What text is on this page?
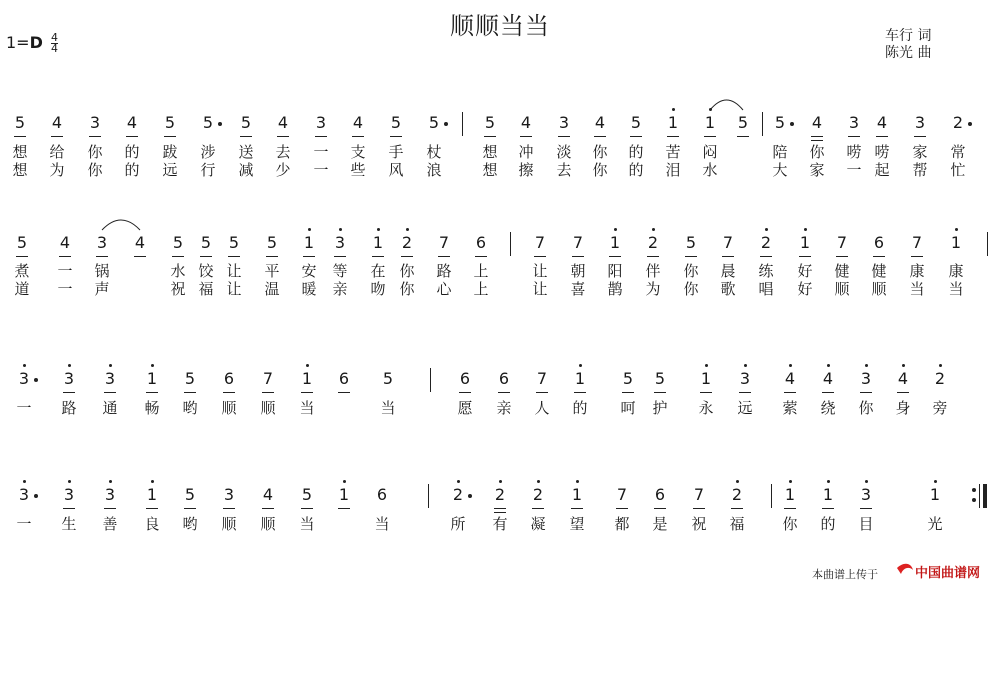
顺顺当当
$1=D \frac{4}{4}$	车行 词
陈光 曲
5	4	3	4	5	5	5	4	3	4	5	5	5	4	3	4	5	1	1	5	5	4	3	4	3	2
想	给	你	的	跋	涉	送	去	一	支	手	杖	想	冲	淡	你	的	苦	闷	陪	你	唠 唠	家	常
想	为	你	的	远	行	减	少	一	些	风	浪	想	擦	去	你	的	泪	水	大	家	一 起	帮	忙
5	4	3	4	5	5	5	5	1	3	1	2	7	6	7	7	1	2	5	7	2	1	7	6	7	1
煮	一	锅	水 饺 让	平	安	等	在 你	路	上	让	朝	阳	伴	你	晨	练	好	健	健	康	康
道	一	声	祝 福 让	温	暖	亲	吻 你	心	上	让	喜	鹊	为	你	歌	唱	好	顺	顺	当	当
3	3	3	1	5	6	7	1	6	5	6	6	7	1	5	5	1	3	4	4	3	4	2
一	路	通	畅	哟	顺	顺	当	当	愿	亲	人	的	呵	护	永	远	萦	绕	你	身	旁
3	3	3	1	5	3	4	5	1	6	2	2	2	1	7	6	7	2	1	1	3	1
一	生	善	良	哟	顺	顺	当	当	所	有	凝	望	都	是	祝	福	你	的	目	光
本曲谱上传于	中国曲谱网
